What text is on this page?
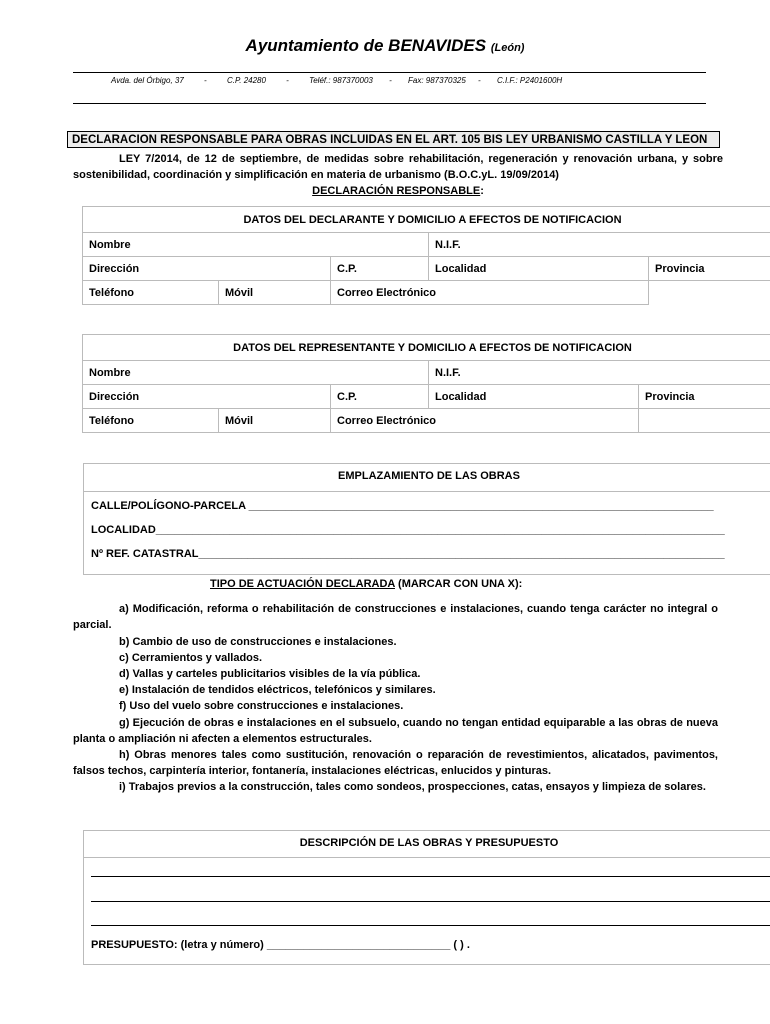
Ayuntamiento de BENAVIDES (León)
Avda. del Órbigo, 37	-	C.P. 24280	-	Teléf.: 987370003 - Fax: 987370325 - C.I.F.: P2401600H
DECLARACION RESPONSABLE PARA OBRAS INCLUIDAS EN EL ART. 105 BIS LEY URBANISMO CASTILLA Y LEON

LEY 7/2014, de 12 de septiembre, de medidas sobre rehabilitación, regeneración y renovación urbana, y sobre sostenibilidad, coordinación y simplificación en materia de urbanismo (B.O.C.yL. 19/09/2014)

DECLARACIÓN RESPONSABLE:

DATOS DEL DECLARANTE Y DOMICILIO A EFECTOS DE NOTIFICACION				
Nombre			N.I.F.	
Dirección		C.P.	Localidad	Provincia
Teléfono	Móvil	Correo Electrónico		
DATOS DEL REPRESENTANTE Y DOMICILIO A EFECTOS DE NOTIFICACION				
Nombre			N.I.F.	
Dirección		C.P.	Localidad	Provincia
Teléfono	Móvil	Correo Electrónico		
EMPLAZAMIENTO DE LAS OBRAS
CALLE/POLÍGONO-PARCELA ____________________________________________________________________________
LOCALIDAD_____________________________________________________________________________________________
Nº REF. CATASTRAL______________________________________________________________________________________

TIPO DE ACTUACIÓN DECLARADA (MARCAR CON UNA X):

a) Modificación, reforma o rehabilitación de construcciones e instalaciones, cuando tenga carácter no integral o parcial.

b) Cambio de uso de construcciones e instalaciones.

c) Cerramientos y vallados.

d) Vallas y carteles publicitarios visibles de la vía pública.

e) Instalación de tendidos eléctricos, telefónicos y similares.

f) Uso del vuelo sobre construcciones e instalaciones.

g) Ejecución de obras e instalaciones en el subsuelo, cuando no tengan entidad equiparable a las obras de nueva planta o ampliación ni afecten a elementos estructurales.

h) Obras menores tales como sustitución, renovación o reparación de revestimientos, alicatados, pavimentos, falsos techos, carpintería interior, fontanería, instalaciones eléctricas, enlucidos y pinturas.

i) Trabajos previos a la construcción, tales como sondeos, prospecciones, catas, ensayos y limpieza de solares.

DESCRIPCIÓN DE LAS OBRAS Y PRESUPUESTO
PRESUPUESTO: (letra y número) ______________________________ ( ) .
